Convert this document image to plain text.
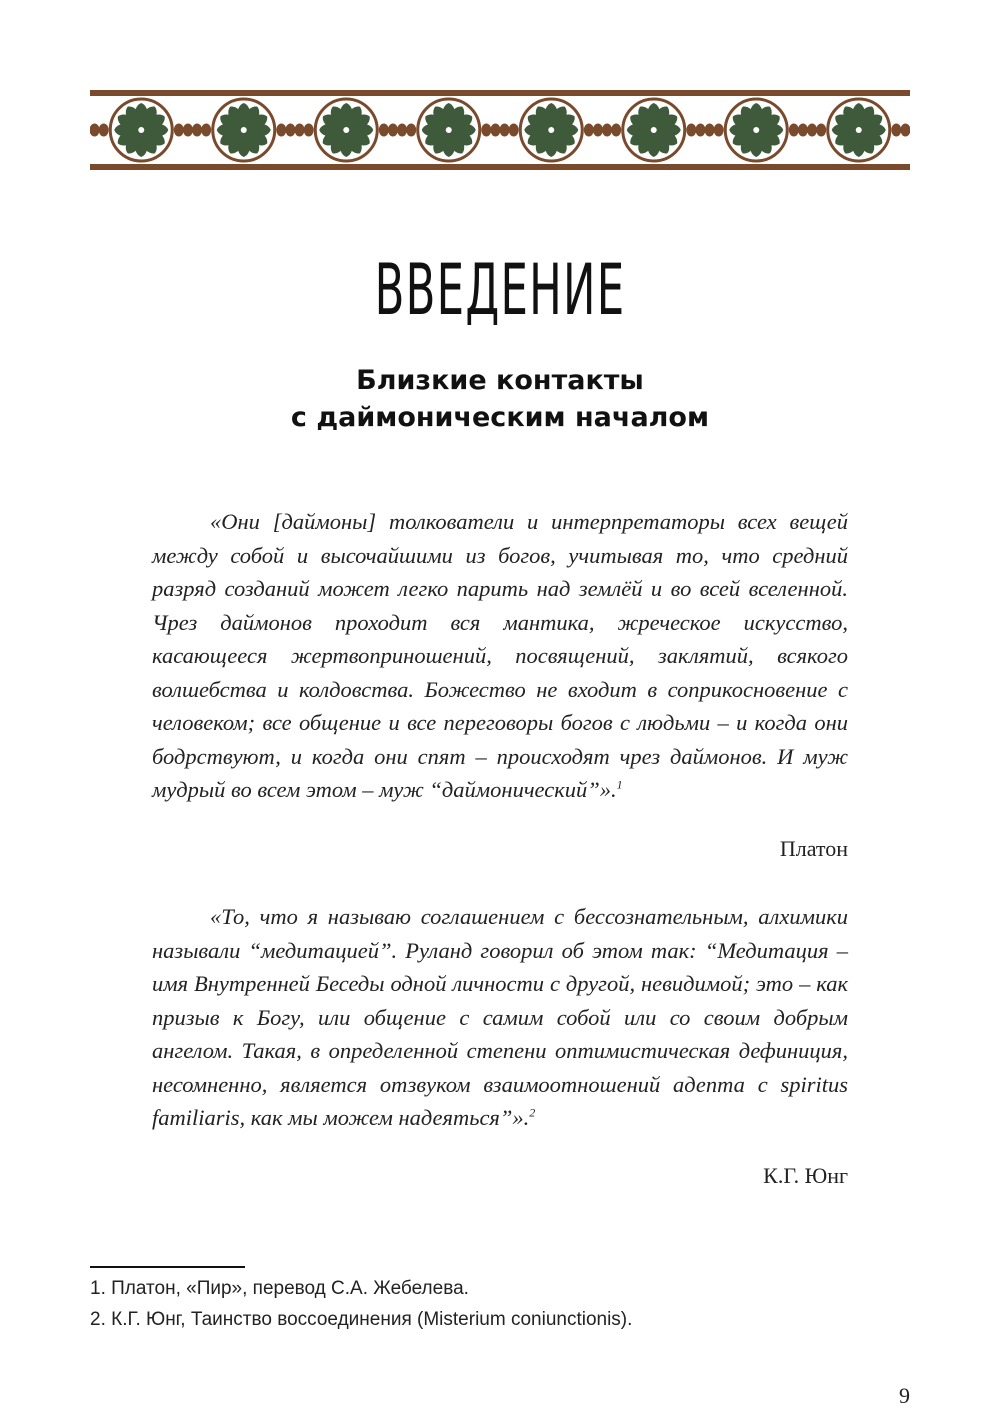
ВВЕДЕНИЕ
Близкие контакты
с даймоническим началом

«Они [даймоны] толкователи и интерпретаторы всех вещей между собой и высочайшими из богов, учитывая то, что средний разряд созданий может легко парить над землёй и во всей вселенной. Чрез даймонов проходит вся мантика, жреческое искусство, касающееся жертвоприношений, посвящений, заклятий, всякого волшебства и колдовства. Божество не входит в соприкосновение с человеком; все общение и все переговоры богов с людьми – и когда они бодрствуют, и когда они спят – происходят чрез даймонов. И муж мудрый во всем этом – муж “даймонический”».$^1$

Платон

«То, что я называю соглашением с бессознательным, алхимики называли “медитацией”. Руланд говорил об этом так: “Медитация – имя Внутренней Беседы одной личности с другой, невидимой; это – как призыв к Богу, или общение с самим собой или со своим добрым ангелом. Такая, в определенной степени оптимистическая дефиниция, несомненно, является отзвуком взаимоотношений адепта с spiritus familiaris, как мы можем надеяться”».$^2$

К.Г. Юнг
1. Платон, «Пир», перевод С.А. Жебелева.
2. К.Г. Юнг, Таинство воссоединения (Misterium coniunctionis).
9
